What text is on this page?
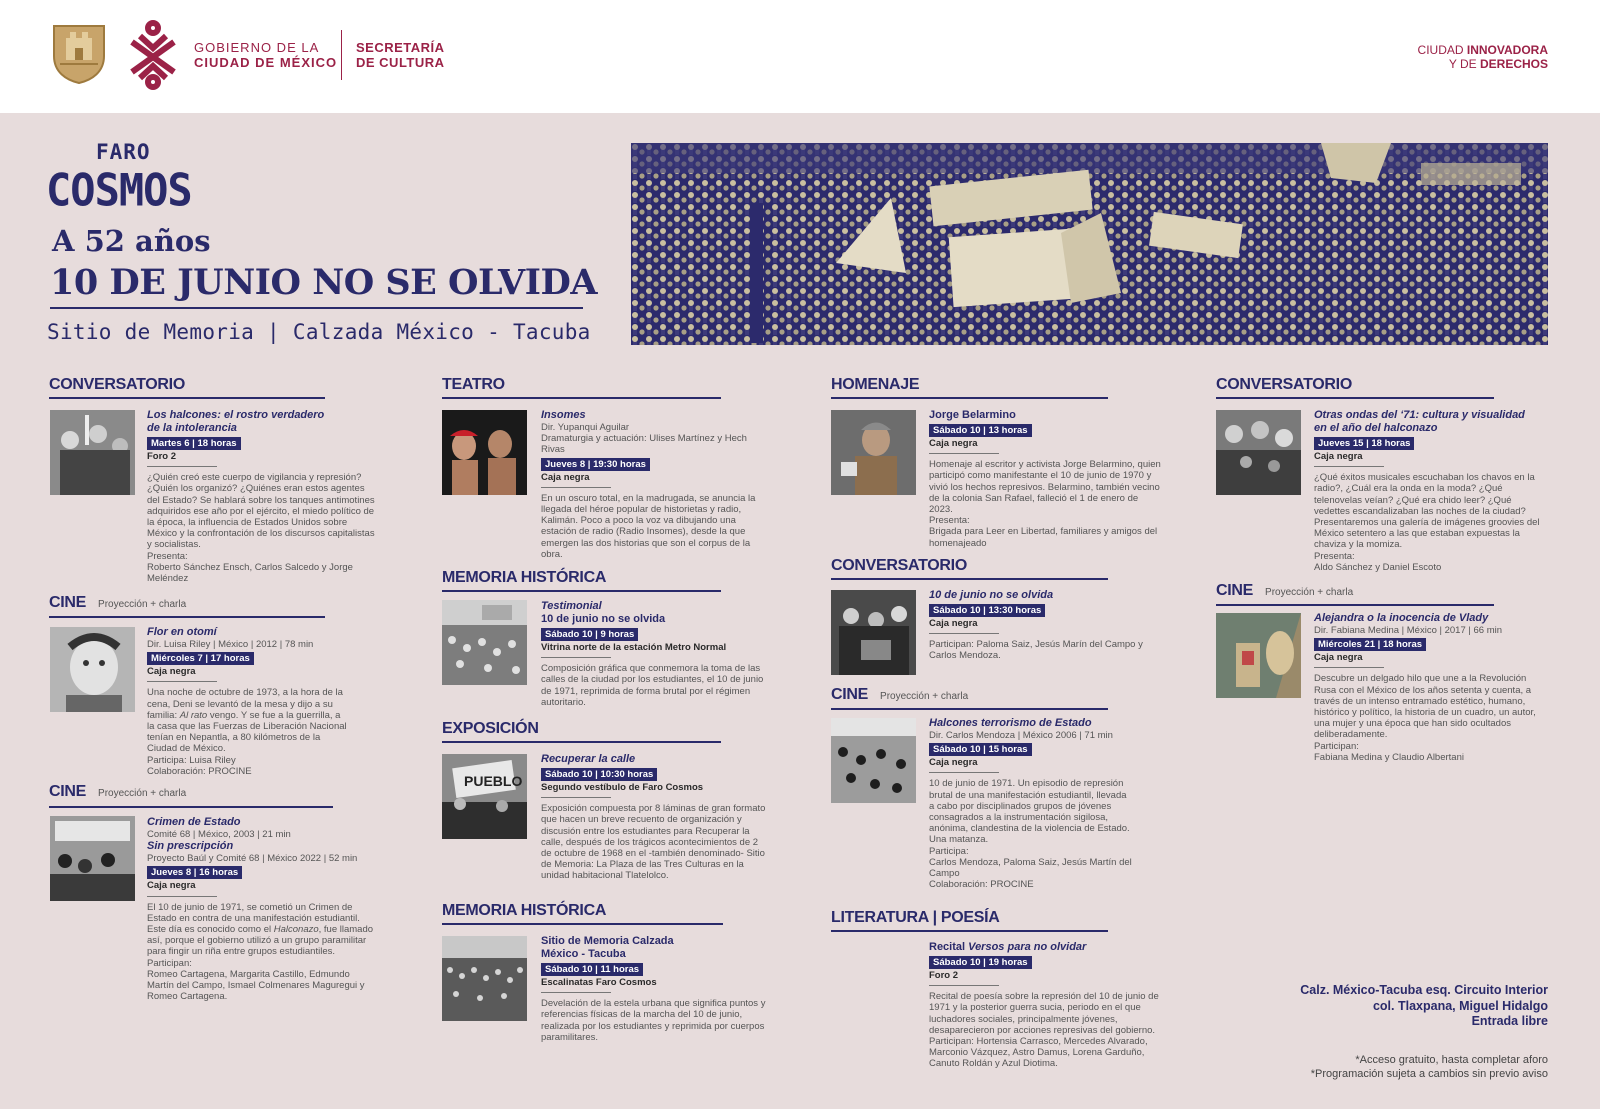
GOBIERNO DE LA
CIUDAD DE MÉXICO
SECRETARÍA
DE CULTURA
CIUDAD INNOVADORA
Y DE DERECHOS
FARO
COSMOS
A 52 años
10 DE JUNIO NO SE OLVIDA
Sitio de Memoria | Calzada México - Tacuba
CONVERSATORIO
Los halcones: el rostro verdadero
de la intolerancia
Martes 6 | 18 horas
Foro 2

¿Quién creó este cuerpo de vigilancia y represión? ¿Quién los organizó? ¿Quiénes eran estos agentes del Estado? Se hablará sobre los tanques antimotines adquiridos ese año por el ejército, el miedo político de la época, la influencia de Estados Unidos sobre México y la confrontación de los discursos capitalistas y socialistas.

Presenta:

Roberto Sánchez Ensch, Carlos Salcedo y Jorge Meléndez

CINE Proyección + charla
Flor en otomí

Dir. Luisa Riley | México | 2012 | 78 min

Miércoles 7 | 17 horas
Caja negra

Una noche de octubre de 1973, a la hora de la cena, Deni se levantó de la mesa y dijo a su familia: Al rato vengo. Y se fue a la guerrilla, a la casa que las Fuerzas de Liberación Nacional tenían en Nepantla, a 80 kilómetros de la Ciudad de México.

Participa: Luisa Riley

Colaboración: PROCINE

CINE Proyección + charla
Crimen de Estado

Comité 68 | México, 2003 | 21 min

Sin prescripción

Proyecto Baúl y Comité 68 | México 2022 | 52 min

Jueves 8 | 16 horas
Caja negra

El 10 de junio de 1971, se cometió un Crimen de Estado en contra de una manifestación estudiantil. Este día es conocido como el Halconazo, fue llamado así, porque el gobierno utilizó a un grupo paramilitar para fingir un riña entre grupos estudiantiles.

Participan:

Romeo Cartagena, Margarita Castillo, Edmundo Martín del Campo, Ismael Colmenares Maguregui y Romeo Cartagena.

TEATRO
Insomes

Dir. Yupanqui Aguilar

Dramaturgia y actuación: Ulises Martínez y Hech Rivas

Jueves 8 | 19:30 horas
Caja negra

En un oscuro total, en la madrugada, se anuncia la llegada del héroe popular de historietas y radio, Kalimán. Poco a poco la voz va dibujando una estación de radio (Radio Insomes), desde la que emergen las dos historias que son el corpus de la obra.

MEMORIA HISTÓRICA
Testimonial
10 de junio no se olvida
Sábado 10 | 9 horas
Vitrina norte de la estación Metro Normal

Composición gráfica que conmemora la toma de las calles de la ciudad por los estudiantes, el 10 de junio de 1971, reprimida de forma brutal por el régimen autoritario.

EXPOSICIÓN
PUEBLO
Recuperar la calle
Sábado 10 | 10:30 horas
Segundo vestíbulo de Faro Cosmos

Exposición compuesta por 8 láminas de gran formato que hacen un breve recuento de organización y discusión entre los estudiantes para Recuperar la calle, después de los trágicos acontecimientos de 2 de octubre de 1968 en el -también denominado- Sitio de Memoria: La Plaza de las Tres Culturas en la unidad habitacional Tlatelolco.

MEMORIA HISTÓRICA
Sitio de Memoria Calzada
México - Tacuba
Sábado 10 | 11 horas
Escalinatas Faro Cosmos

Develación de la estela urbana que significa puntos y referencias físicas de la marcha del 10 de junio, realizada por los estudiantes y reprimida por cuerpos paramilitares.

HOMENAJE
Jorge Belarmino
Sábado 10 | 13 horas
Caja negra

Homenaje al escritor y activista Jorge Belarmino, quien participó como manifestante el 10 de junio de 1970 y vivió los hechos represivos. Belarmino, también vecino de la colonia San Rafael, falleció el 1 de enero de 2023.

Presenta:

Brigada para Leer en Libertad, familiares y amigos del homenajeado

CONVERSATORIO
10 de junio no se olvida
Sábado 10 | 13:30 horas
Caja negra

Participan: Paloma Saiz, Jesús Marín del Campo y Carlos Mendoza.

CINE Proyección + charla
Halcones terrorismo de Estado

Dir. Carlos Mendoza | México 2006 | 71 min

Sábado 10 | 15 horas
Caja negra

10 de junio de 1971. Un episodio de represión brutal de una manifestación estudiantil, llevada a cabo por disciplinados grupos de jóvenes consagrados a la instrumentación sigilosa, anónima, clandestina de la violencia de Estado. Una matanza.

Participa:

Carlos Mendoza, Paloma Saiz, Jesús Martín del Campo

Colaboración: PROCINE

LITERATURA | POESÍA
Recital Versos para no olvidar
Sábado 10 | 19 horas
Foro 2

Recital de poesía sobre la represión del 10 de junio de 1971 y la posterior guerra sucia, periodo en el que luchadores sociales, principalmente jóvenes, desaparecieron por acciones represivas del gobierno.

Participan: Hortensia Carrasco, Mercedes Alvarado, Marconio Vázquez, Astro Damus, Lorena Garduño, Canuto Roldán y Azul Diotima.

CONVERSATORIO
Otras ondas del ‘71: cultura y visualidad
en el año del halconazo
Jueves 15 | 18 horas
Caja negra

¿Qué éxitos musicales escuchaban los chavos en la radio?, ¿Cuál era la onda en la moda? ¿Qué telenovelas veían? ¿Qué era chido leer? ¿Qué vedettes escandalizaban las noches de la ciudad? Presentaremos una galería de imágenes groovies del México setentero a las que estaban expuestas la chaviza y la momiza.

Presenta:

Aldo Sánchez y Daniel Escoto

CINE Proyección + charla
Alejandra o la inocencia de Vlady

Dir. Fabiana Medina | México | 2017 | 66 min

Miércoles 21 | 18 horas
Caja negra

Descubre un delgado hilo que une a la Revolución Rusa con el México de los años setenta y cuenta, a través de un intenso entramado estético, humano, histórico y político, la historia de un cuadro, un autor, una mujer y una época que han sido ocultados deliberadamente.

Participan:

Fabiana Medina y Claudio Albertani

Calz. México-Tacuba esq. Circuito Interior
col. Tlaxpana, Miguel Hidalgo
Entrada libre
*Acceso gratuito, hasta completar aforo
*Programación sujeta a cambios sin previo aviso
